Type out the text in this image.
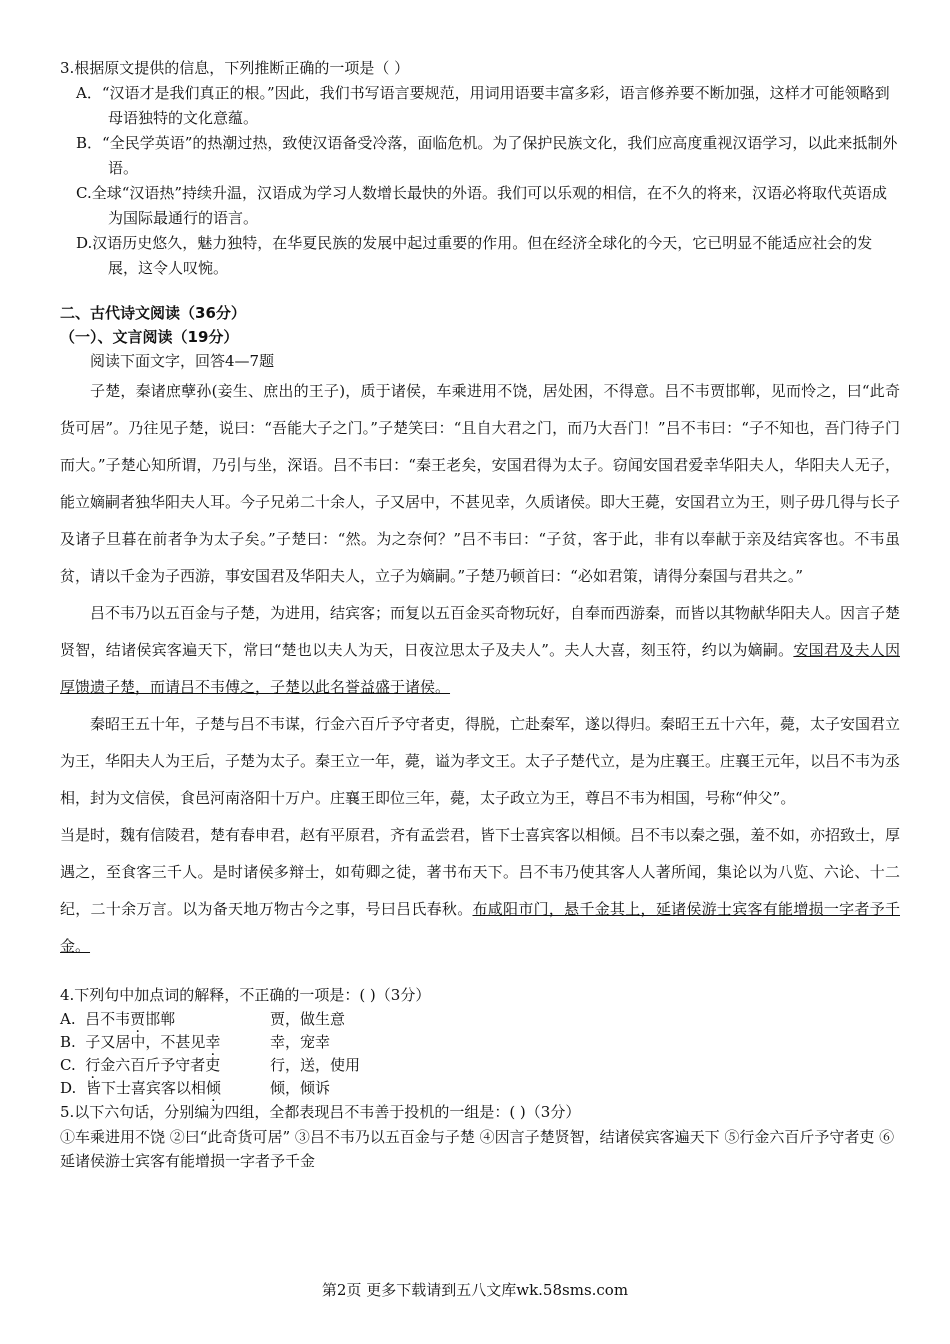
3.根据原文提供的信息，下列推断正确的一项是（ ）

A．“汉语才是我们真正的根。”因此，我们书写语言要规范，用词用语要丰富多彩，语言修养要不断加强，这样才可能领略到母语独特的文化意蕴。

B．“全民学英语”的热潮过热，致使汉语备受冷落，面临危机。为了保护民族文化，我们应高度重视汉语学习，以此来抵制外语。

C.全球“汉语热”持续升温，汉语成为学习人数增长最快的外语。我们可以乐观的相信，在不久的将来，汉语必将取代英语成为国际最通行的语言。

D.汉语历史悠久，魅力独特，在华夏民族的发展中起过重要的作用。但在经济全球化的今天，它已明显不能适应社会的发展，这令人叹惋。

二、古代诗文阅读（36分）
（一）、文言阅读（19分）
阅读下面文字，回答4—7题

子楚，秦诸庶孽孙(妾生、庶出的王子)，质于诸侯，车乘进用不饶，居处困，不得意。吕不韦贾邯郸，见而怜之，曰“此奇货可居”。乃往见子楚，说曰：“吾能大子之门。”子楚笑曰：“且自大君之门，而乃大吾门！”吕不韦曰：“子不知也，吾门待子门而大。”子楚心知所谓，乃引与坐，深语。吕不韦曰：“秦王老矣，安国君得为太子。窃闻安国君爱幸华阳夫人，华阳夫人无子，能立嫡嗣者独华阳夫人耳。今子兄弟二十余人，子又居中，不甚见幸，久质诸侯。即大王薨，安国君立为王，则子毋几得与长子及诸子旦暮在前者争为太子矣。”子楚曰：“然。为之奈何？”吕不韦曰：“子贫，客于此，非有以奉献于亲及结宾客也。不韦虽贫，请以千金为子西游，事安国君及华阳夫人，立子为嫡嗣。”子楚乃顿首曰：“必如君策，请得分秦国与君共之。”

吕不韦乃以五百金与子楚，为进用，结宾客；而复以五百金买奇物玩好，自奉而西游秦，而皆以其物献华阳夫人。因言子楚贤智，结诸侯宾客遍天下，常曰“楚也以夫人为天，日夜泣思太子及夫人”。夫人大喜，刻玉符，约以为嫡嗣。安国君及夫人因厚馈遗子楚，而请吕不韦傅之，子楚以此名誉益盛于诸侯。

秦昭王五十年，子楚与吕不韦谋，行金六百斤予守者吏，得脱，亡赴秦军，遂以得归。秦昭王五十六年，薨，太子安国君立为王，华阳夫人为王后，子楚为太子。秦王立一年，薨，谥为孝文王。太子子楚代立，是为庄襄王。庄襄王元年，以吕不韦为丞相，封为文信侯，食邑河南洛阳十万户。庄襄王即位三年，薨，太子政立为王，尊吕不韦为相国，号称“仲父”。

当是时，魏有信陵君，楚有春申君，赵有平原君，齐有孟尝君，皆下士喜宾客以相倾。吕不韦以秦之强，羞不如，亦招致士，厚遇之，至食客三千人。是时诸侯多辩士，如荀卿之徒，著书布天下。吕不韦乃使其客人人著所闻，集论以为八览、六论、十二纪，二十余万言。以为备天地万物古今之事，号曰吕氏春秋。布咸阳市门，悬千金其上，延诸侯游士宾客有能增损一字者予千金。

4.下列句中加点词的解释，不正确的一项是：( )（3分）

A. 吕不韦贾邯郸	贾，做生意
B. 子又居中，不甚见幸	幸，宠幸
C. 行金六百斤予守者吏	行，送，使用
D. 皆下士喜宾客以相倾	倾，倾诉

5.以下六句话，分别编为四组，全都表现吕不韦善于投机的一组是：( )（3分）

①车乘进用不饶 ②曰“此奇货可居” ③吕不韦乃以五百金与子楚 ④因言子楚贤智，结诸侯宾客遍天下 ⑤行金六百斤予守者吏 ⑥延诸侯游士宾客有能增损一字者予千金

第2页 更多下载请到五八文库wk.58sms.com
